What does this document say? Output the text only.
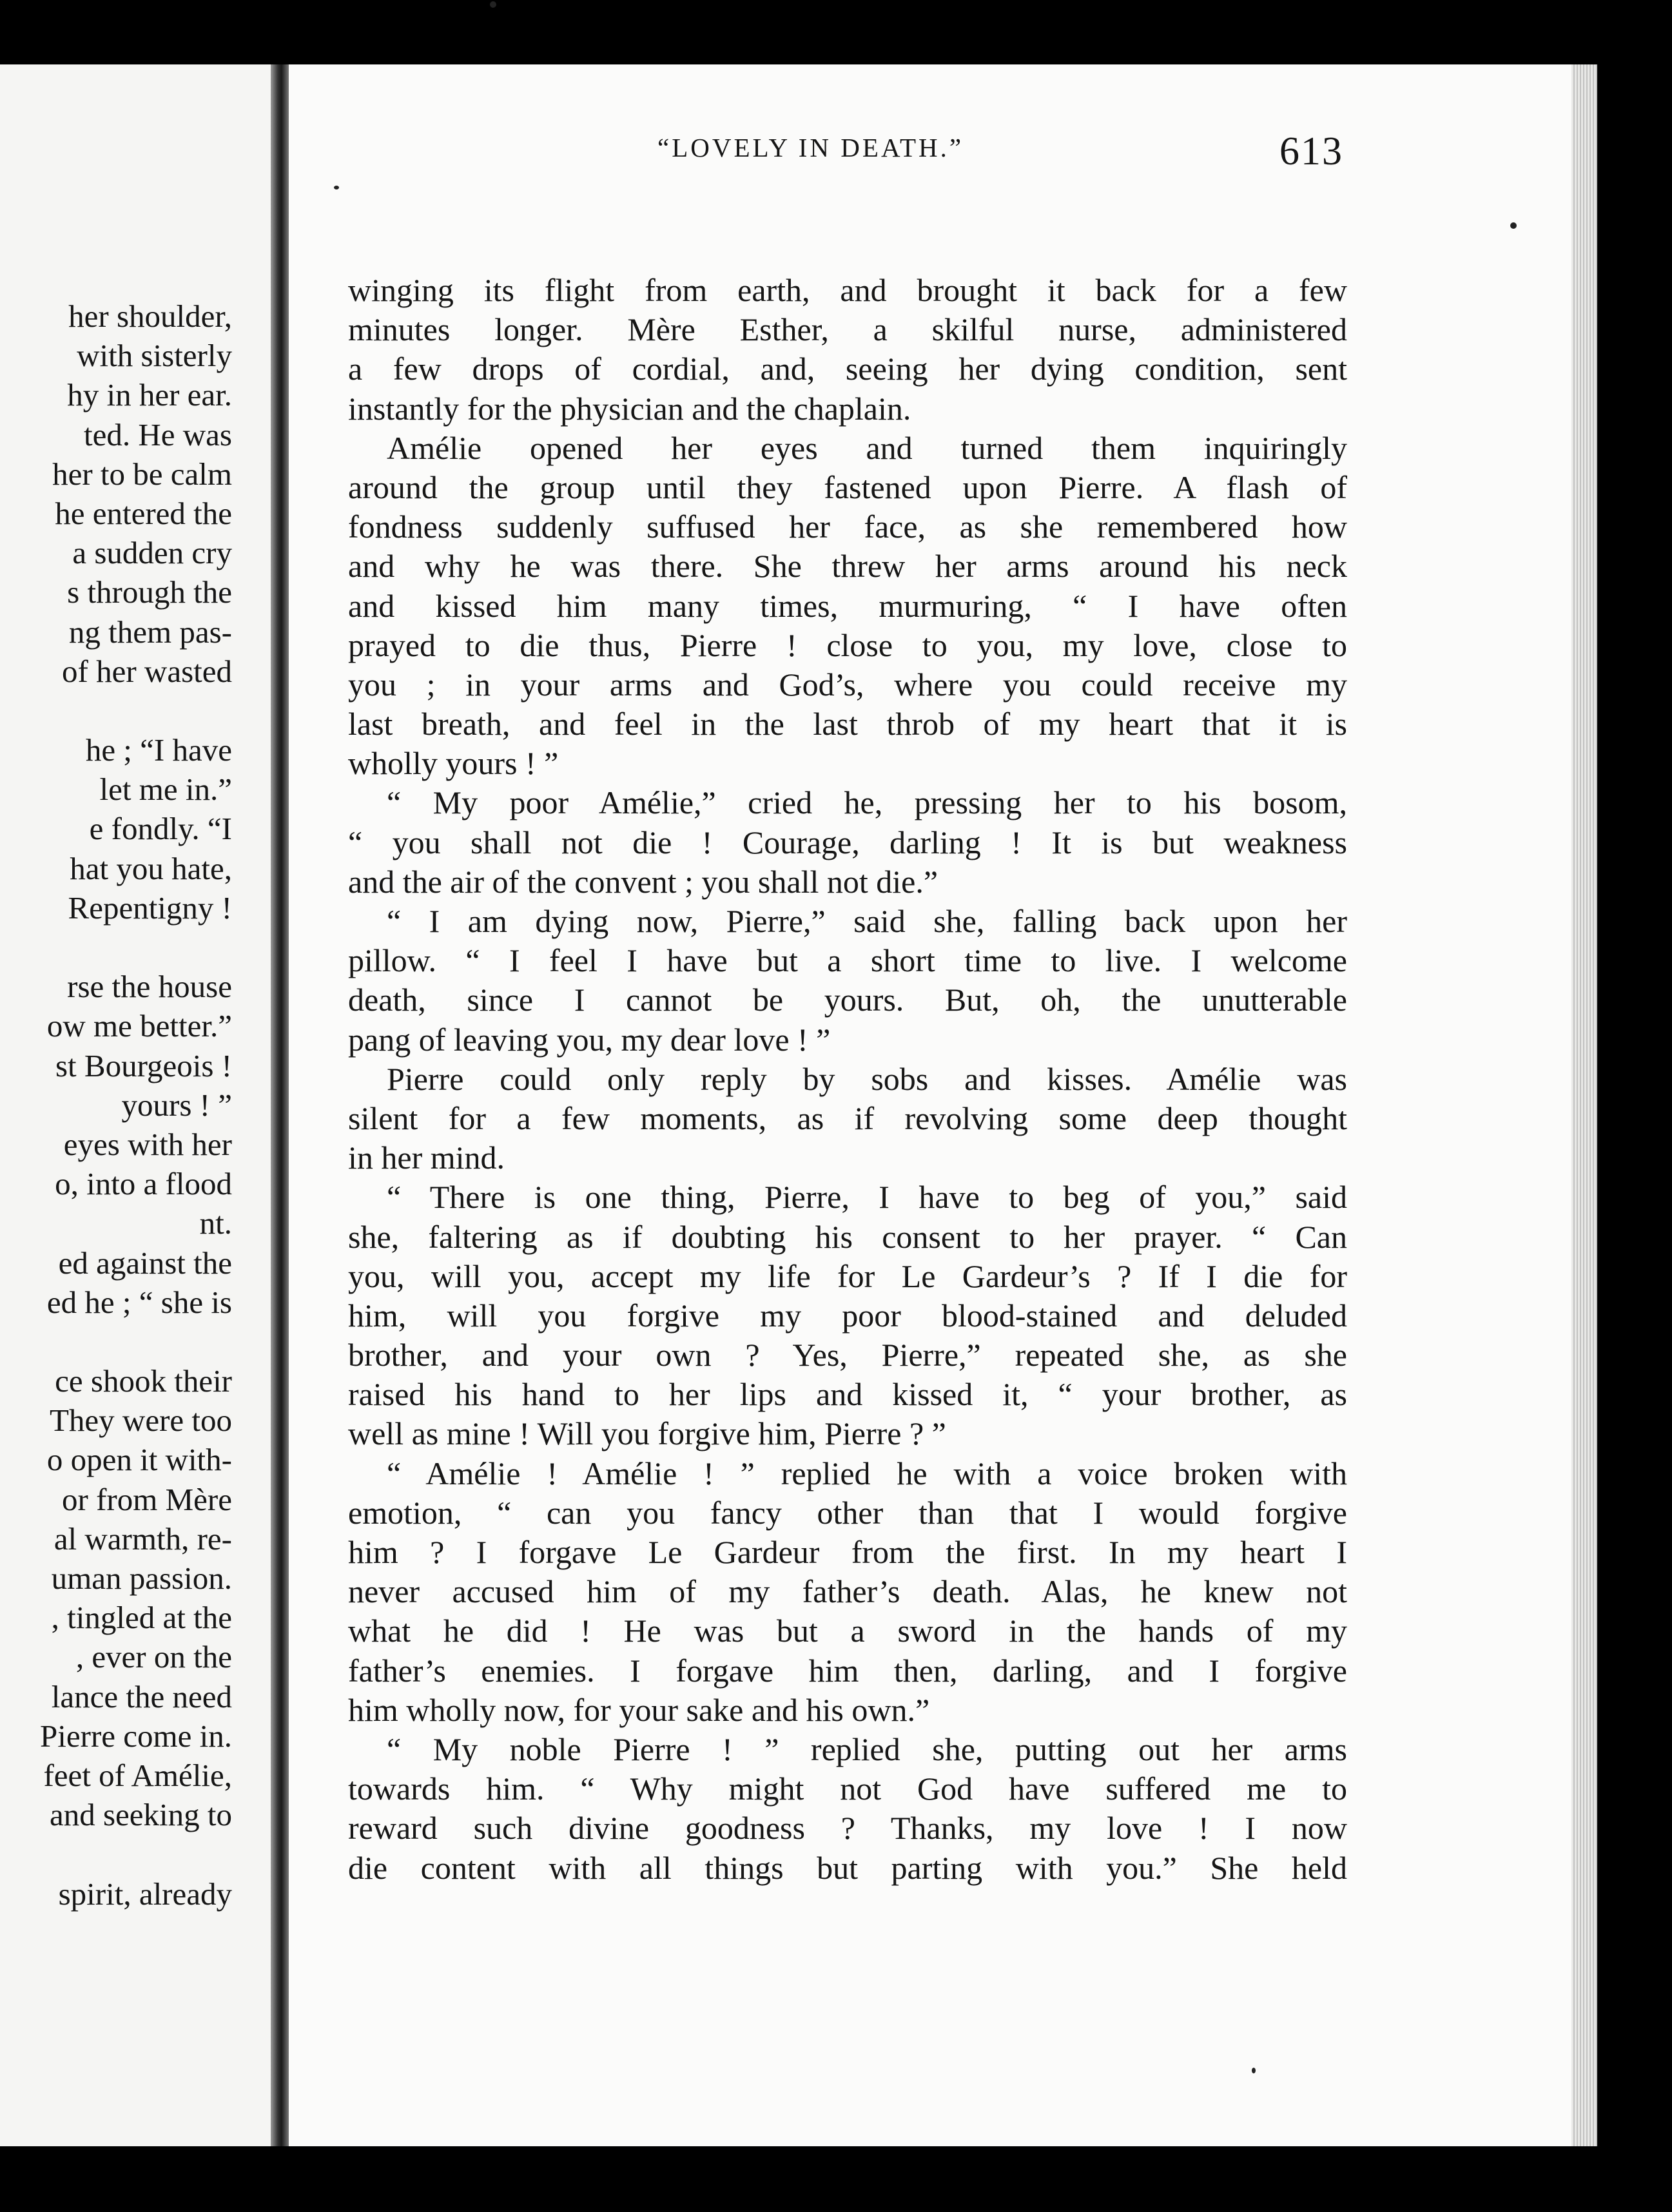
her shoulder,
with sisterly
hy in her ear.
ted. He was
her to be calm
he entered the
a sudden cry
s through the
ng them pas-
of her wasted
he ; “I have
let me in.”
e fondly. “I
hat you hate,
Repentigny !
rse the house
ow me better.”
st Bourgeois !
yours ! ”
eyes with her
o, into a flood
nt.
ed against the
ed he ; “ she is
ce shook their
They were too
o open it with-
or from Mère
al warmth, re-
uman passion.
, tingled at the
, ever on the
lance the need
Pierre come in.
feet of Amélie,
and seeking to
spirit, already
“LOVELY IN DEATH.”	613
winging its flight from earth, and brought it back for a few
minutes longer. Mère Esther, a skilful nurse, administered
a few drops of cordial, and, seeing her dying condition, sent
instantly for the physician and the chaplain.
Amélie opened her eyes and turned them inquiringly
around the group until they fastened upon Pierre. A flash of
fondness suddenly suffused her face, as she remembered how
and why he was there. She threw her arms around his neck
and kissed him many times, murmuring, “ I have often
prayed to die thus, Pierre ! close to you, my love, close to
you ; in your arms and God’s, where you could receive my
last breath, and feel in the last throb of my heart that it is
wholly yours ! ”
“ My poor Amélie,” cried he, pressing her to his bosom,
“ you shall not die ! Courage, darling ! It is but weakness
and the air of the convent ; you shall not die.”
“ I am dying now, Pierre,” said she, falling back upon her
pillow. “ I feel I have but a short time to live. I welcome
death, since I cannot be yours. But, oh, the unutterable
pang of leaving you, my dear love ! ”
Pierre could only reply by sobs and kisses. Amélie was
silent for a few moments, as if revolving some deep thought
in her mind.
“ There is one thing, Pierre, I have to beg of you,” said
she, faltering as if doubting his consent to her prayer. “ Can
you, will you, accept my life for Le Gardeur’s ? If I die for
him, will you forgive my poor blood-stained and deluded
brother, and your own ? Yes, Pierre,” repeated she, as she
raised his hand to her lips and kissed it, “ your brother, as
well as mine ! Will you forgive him, Pierre ? ”
“ Amélie ! Amélie ! ” replied he with a voice broken with
emotion, “ can you fancy other than that I would forgive
him ? I forgave Le Gardeur from the first. In my heart I
never accused him of my father’s death. Alas, he knew not
what he did ! He was but a sword in the hands of my
father’s enemies. I forgave him then, darling, and I forgive
him wholly now, for your sake and his own.”
“ My noble Pierre ! ” replied she, putting out her arms
towards him. “ Why might not God have suffered me to
reward such divine goodness ? Thanks, my love ! I now
die content with all things but parting with you.” She held
